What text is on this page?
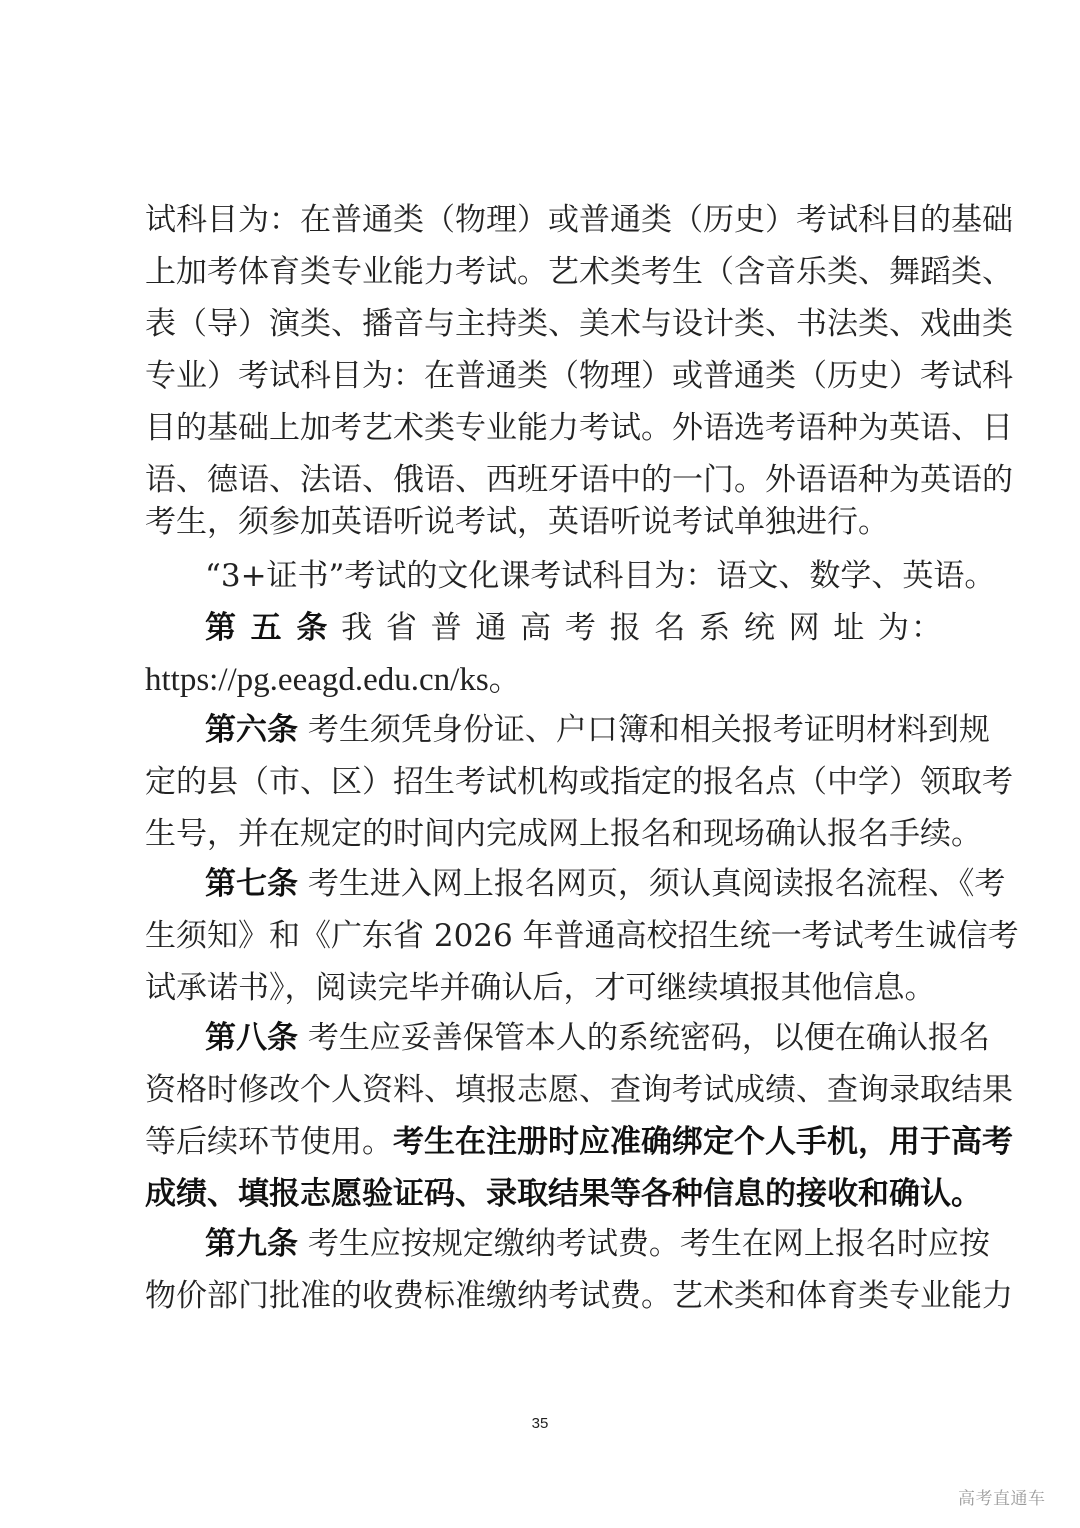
试科目为：在普通类（物理）或普通类（历史）考试科目的基础
上加考体育类专业能力考试。艺术类考生（含音乐类、舞蹈类、
表（导）演类、播音与主持类、美术与设计类、书法类、戏曲类
专业）考试科目为：在普通类（物理）或普通类（历史）考试科
目的基础上加考艺术类专业能力考试。外语选考语种为英语、日
语、德语、法语、俄语、西班牙语中的一门。外语语种为英语的
考生，须参加英语听说考试，英语听说考试单独进行。
“3+证书”考试的文化课考试科目为：语文、数学、英语。
第 五 条 我 省 普 通 高 考 报 名 系 统 网 址 为：
https://pg.eeagd.edu.cn/ks。
第六条 考生须凭身份证、户口簿和相关报考证明材料到规
定的县（市、区）招生考试机构或指定的报名点（中学）领取考
生号，并在规定的时间内完成网上报名和现场确认报名手续。
第七条 考生进入网上报名网页，须认真阅读报名流程、《考
生须知》和《广东省 2026 年普通高校招生统一考试考生诚信考
试承诺书》，阅读完毕并确认后，才可继续填报其他信息。
第八条 考生应妥善保管本人的系统密码，以便在确认报名
资格时修改个人资料、填报志愿、查询考试成绩、查询录取结果
等后续环节使用。考生在注册时应准确绑定个人手机，用于高考
成绩、填报志愿验证码、录取结果等各种信息的接收和确认。
第九条 考生应按规定缴纳考试费。考生在网上报名时应按
物价部门批准的收费标准缴纳考试费。艺术类和体育类专业能力
35
高考直通车
